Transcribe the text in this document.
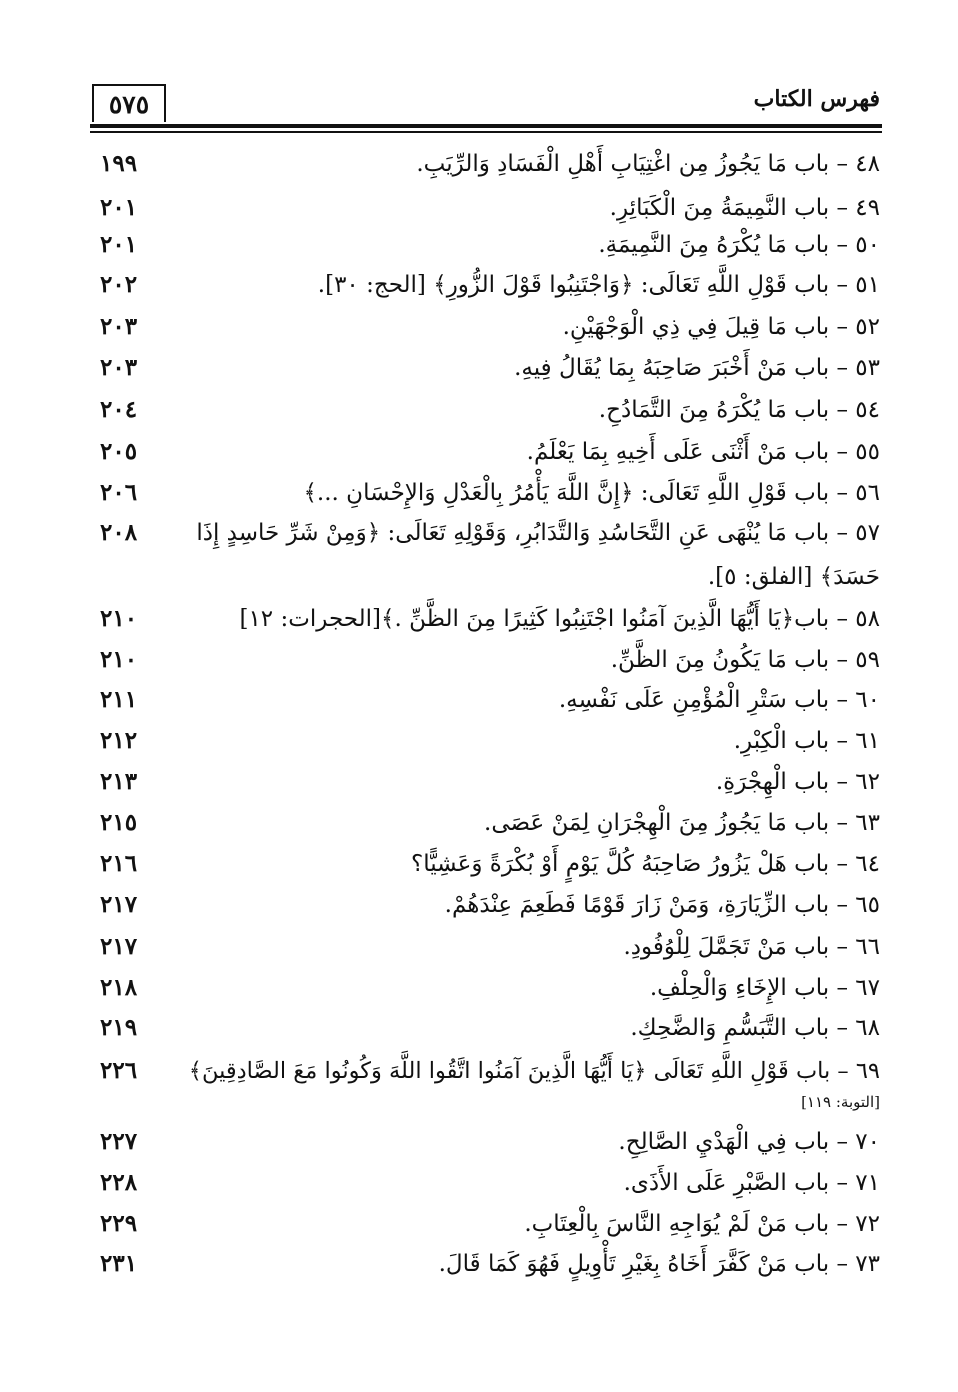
٥٧٥	فهرس الكتاب
٤٨ – باب مَا يَجُوزُ مِن اغْتِيَابِ أَهْلِ الْفَسَادِ وَالرِّيَبِ.
١٩٩
٤٩ – باب النَّمِيمَةُ مِنَ الْكَبَائِرِ.
٢٠١
٥٠ – باب مَا يُكْرَهُ مِنَ النَّمِيمَةِ.
٢٠١
٥١ – باب قَوْلِ اللَّهِ تَعَالَى: ﴿وَاجْتَنِبُوا قَوْلَ الزُّورِ﴾ [الحج: ٣٠].
٢٠٢
٥٢ – باب مَا قِيلَ فِي ذِي الْوَجْهَيْنِ.
٢٠٣
٥٣ – باب مَنْ أَخْبَرَ صَاحِبَهُ بِمَا يُقَالُ فِيهِ.
٢٠٣
٥٤ – باب مَا يُكْرَهُ مِنَ التَّمَادُحِ.
٢٠٤
٥٥ – باب مَنْ أَثْنَى عَلَى أَخِيهِ بِمَا يَعْلَمُ.
٢٠٥
٥٦ – باب قَوْلِ اللَّهِ تَعَالَى: ﴿إِنَّ اللَّهَ يَأْمُرُ بِالْعَدْلِ وَالإِحْسَانِ ...﴾
٢٠٦
٥٧ – باب مَا يُنْهَى عَنِ التَّحَاسُدِ وَالتَّدَابُرِ، وَقَوْلِهِ تَعَالَى: ﴿وَمِنْ شَرِّ حَاسِدٍ إِذَا
حَسَدَ﴾ [الفلق: ٥].
٢٠٨
٥٨ – باب﴿يَا أَيُّهَا الَّذِينَ آمَنُوا اجْتَنِبُوا كَثِيرًا مِنَ الظَّنِّ .﴾[الحجرات: ١٢]
٢١٠
٥٩ – باب مَا يَكُونُ مِنَ الظَّنِّ.
٢١٠
٦٠ – باب سَتْرِ الْمُؤْمِنِ عَلَى نَفْسِهِ.
٢١١
٦١ – باب الْكِبْرِ.
٢١٢
٦٢ – باب الْهِجْرَةِ.
٢١٣
٦٣ – باب مَا يَجُوزُ مِنَ الْهِجْرَانِ لِمَنْ عَصَى.
٢١٥
٦٤ – باب هَلْ يَزُورُ صَاحِبَهُ كُلَّ يَوْمٍ أَوْ بُكْرَةً وَعَشِيًّا؟
٢١٦
٦٥ – باب الزِّيَارَةِ، وَمَنْ زَارَ قَوْمًا فَطَعِمَ عِنْدَهُمْ.
٢١٧
٦٦ – باب مَنْ تَجَمَّلَ لِلْوُفُودِ.
٢١٧
٦٧ – باب الإِخَاءِ وَالْحِلْفِ.
٢١٨
٦٨ – باب التَّبَسُّمِ وَالضَّحِكِ.
٢١٩
٦٩ – باب قَوْلِ اللَّهِ تَعَالَى ﴿يَا أَيُّهَا الَّذِينَ آمَنُوا اتَّقُوا اللَّهَ وَكُونُوا مَعَ الصَّادِقِينَ﴾
[التوبة: ١١٩]
٢٢٦
٧٠ – باب فِي الْهَدْيِ الصَّالِحِ.
٢٢٧
٧١ – باب الصَّبْرِ عَلَى الأَذَى.
٢٢٨
٧٢ – باب مَنْ لَمْ يُوَاجِهِ النَّاسَ بِالْعِتَابِ.
٢٢٩
٧٣ – باب مَنْ كَفَّرَ أَخَاهُ بِغَيْرِ تَأْوِيلٍ فَهُوَ كَمَا قَالَ.
٢٣١
